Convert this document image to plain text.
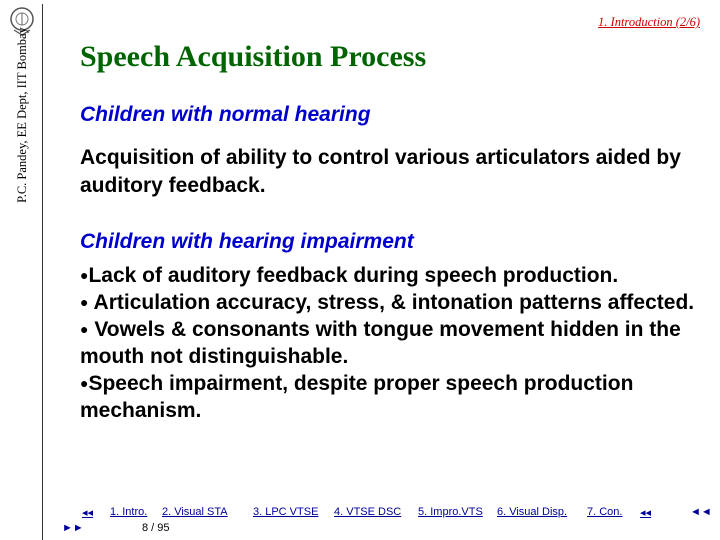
P.C. Pandey, EE Dept, IIT Bombay
1. Introduction (2/6)
Speech Acquisition Process
Children with normal hearing
Acquisition of ability to control various articulators aided by auditory feedback.
Children with hearing impairment
●Lack of auditory feedback during speech production.
● Articulation accuracy, stress, & intonation patterns affected.
● Vowels & consonants with tongue movement hidden in the mouth not distinguishable.
●Speech impairment, despite proper speech production mechanism.
◂◂
►►
1. Intro. 2. Visual STA 3. LPC VTSE 4. VTSE DSC 5. Impro.VTS 6. Visual Disp. 7. Con. ◂◂	◄◄
8 / 95
